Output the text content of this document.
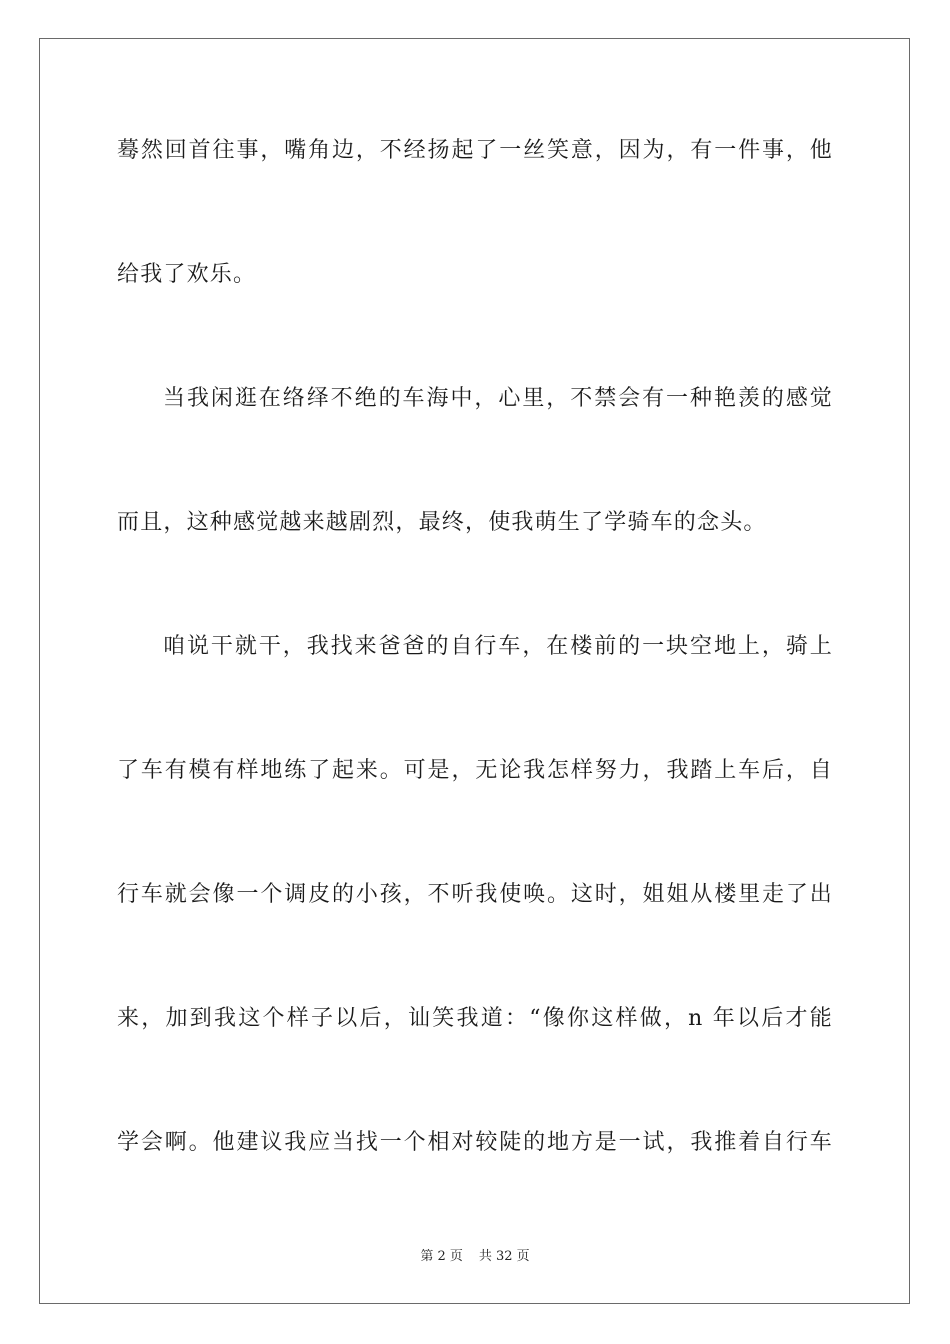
蓦然回首往事，嘴角边，不经扬起了一丝笑意，因为，有一件事，他
给我了欢乐。
当我闲逛在络绎不绝的车海中，心里，不禁会有一种艳羡的感觉
而且，这种感觉越来越剧烈，最终，使我萌生了学骑车的念头。
咱说干就干，我找来爸爸的自行车，在楼前的一块空地上，骑上
了车有模有样地练了起来。可是，无论我怎样努力，我踏上车后，自
行车就会像一个调皮的小孩，不听我使唤。这时，姐姐从楼里走了出
来，加到我这个样子以后，讪笑我道：“像你这样做，n 年以后才能
学会啊。他建议我应当找一个相对较陡的地方是一试，我推着自行车
第 2 页 共 32 页
